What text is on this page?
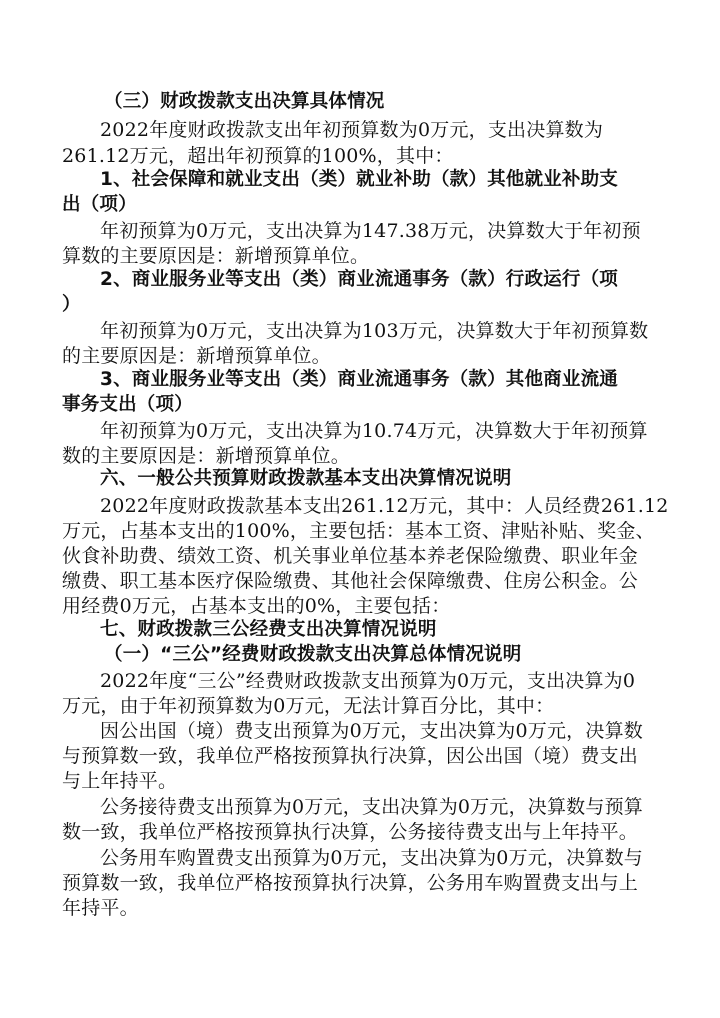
（三）财政拨款支出决算具体情况
2022年度财政拨款支出年初预算数为0万元，支出决算数为
261.12万元，超出年初预算的100%，其中：
1、社会保障和就业支出（类）就业补助（款）其他就业补助支
出（项）
年初预算为0万元，支出决算为147.38万元，决算数大于年初预
算数的主要原因是：新增预算单位。
2、商业服务业等支出（类）商业流通事务（款）行政运行（项
）
年初预算为0万元，支出决算为103万元，决算数大于年初预算数
的主要原因是：新增预算单位。
3、商业服务业等支出（类）商业流通事务（款）其他商业流通
事务支出（项）
年初预算为0万元，支出决算为10.74万元，决算数大于年初预算
数的主要原因是：新增预算单位。
六、一般公共预算财政拨款基本支出决算情况说明
2022年度财政拨款基本支出261.12万元，其中：人员经费261.12
万元，占基本支出的100%，主要包括：基本工资、津贴补贴、奖金、
伙食补助费、绩效工资、机关事业单位基本养老保险缴费、职业年金
缴费、职工基本医疗保险缴费、其他社会保障缴费、住房公积金。公
用经费0万元，占基本支出的0%，主要包括：
七、财政拨款三公经费支出决算情况说明
（一）“三公”经费财政拨款支出决算总体情况说明
2022年度“三公”经费财政拨款支出预算为0万元，支出决算为0
万元，由于年初预算数为0万元，无法计算百分比，其中：
因公出国（境）费支出预算为0万元，支出决算为0万元，决算数
与预算数一致，我单位严格按预算执行决算，因公出国（境）费支出
与上年持平。
公务接待费支出预算为0万元，支出决算为0万元，决算数与预算
数一致，我单位严格按预算执行决算，公务接待费支出与上年持平。
公务用车购置费支出预算为0万元，支出决算为0万元，决算数与
预算数一致，我单位严格按预算执行决算，公务用车购置费支出与上
年持平。
